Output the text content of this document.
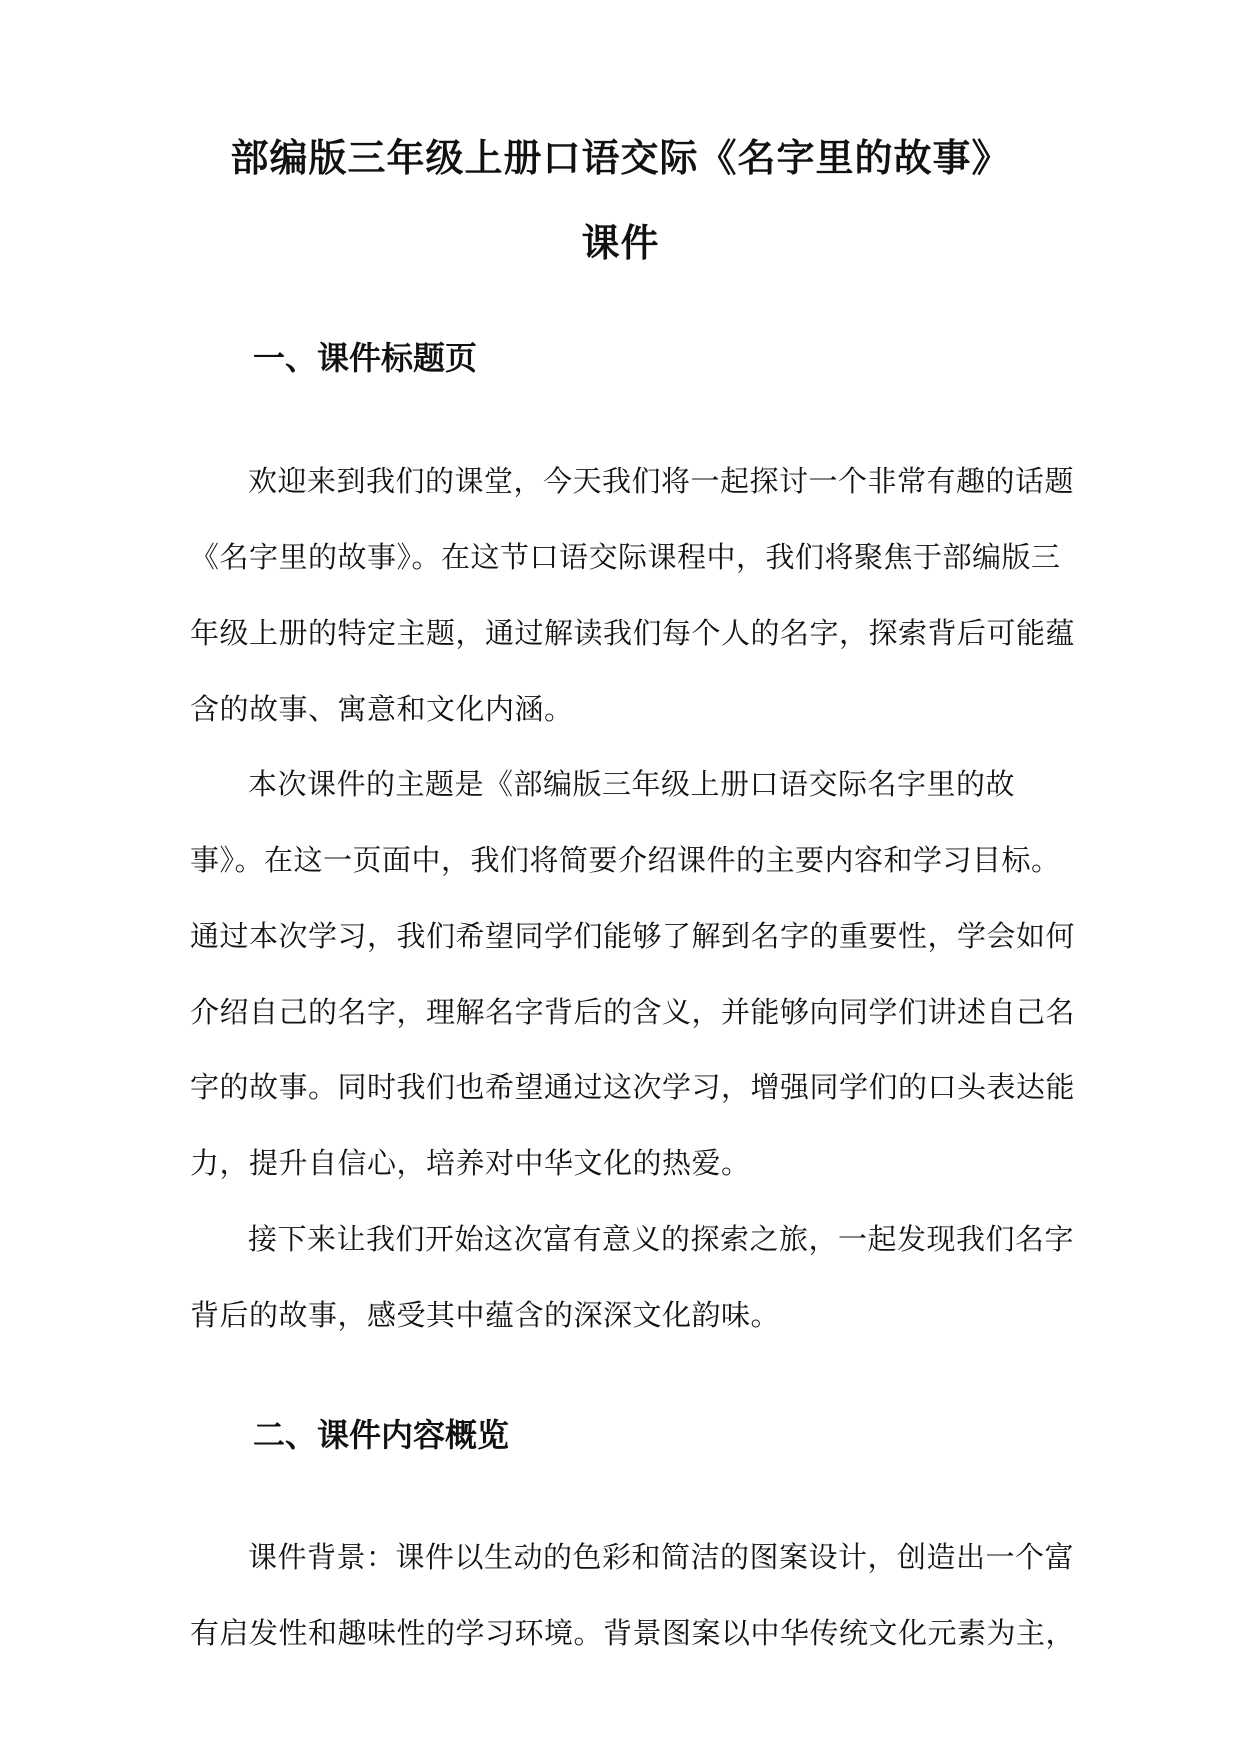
部编版三年级上册口语交际《名字里的故事》
课件
一、课件标题页
欢迎来到我们的课堂，今天我们将一起探讨一个非常有趣的话题
《名字里的故事》。在这节口语交际课程中，我们将聚焦于部编版三
年级上册的特定主题，通过解读我们每个人的名字，探索背后可能蕴
含的故事、寓意和文化内涵。
本次课件的主题是《部编版三年级上册口语交际名字里的故
事》。在这一页面中，我们将简要介绍课件的主要内容和学习目标。
通过本次学习，我们希望同学们能够了解到名字的重要性，学会如何
介绍自己的名字，理解名字背后的含义，并能够向同学们讲述自己名
字的故事。同时我们也希望通过这次学习，增强同学们的口头表达能
力，提升自信心，培养对中华文化的热爱。
接下来让我们开始这次富有意义的探索之旅，一起发现我们名字
背后的故事，感受其中蕴含的深深文化韵味。
二、课件内容概览
课件背景：课件以生动的色彩和简洁的图案设计，创造出一个富
有启发性和趣味性的学习环境。背景图案以中华传统文化元素为主，
